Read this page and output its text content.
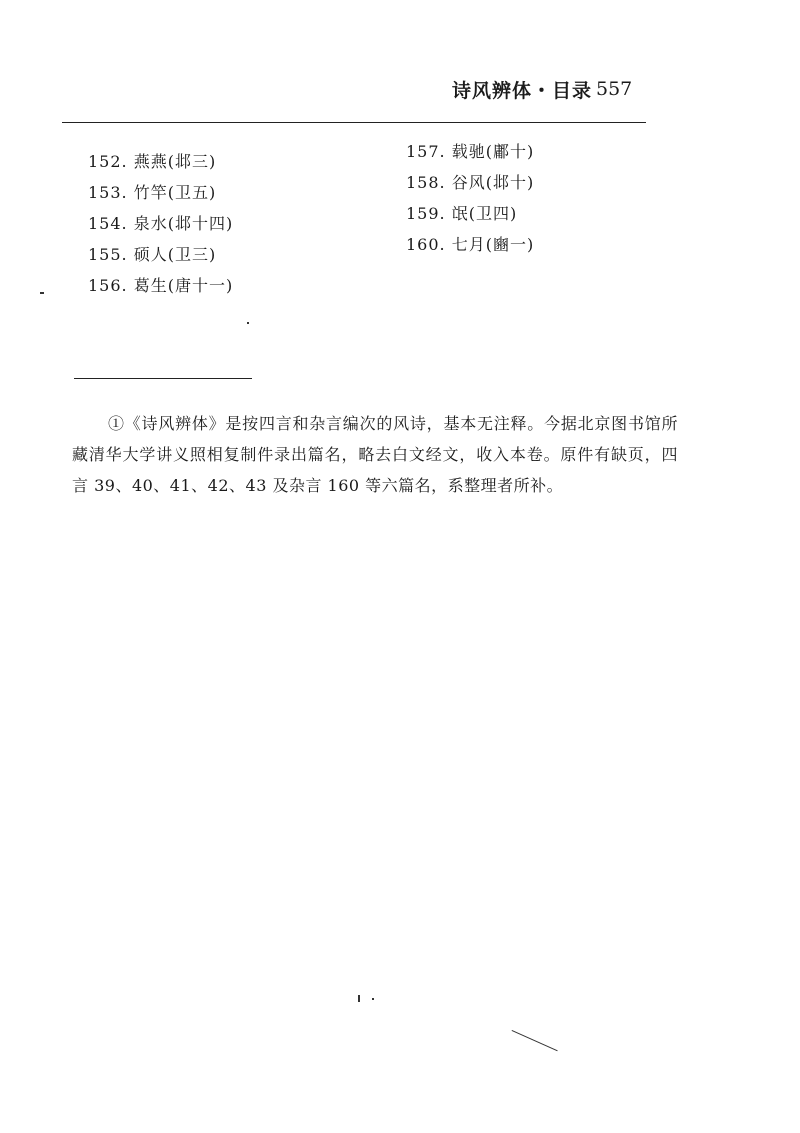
诗风辨体・目录 557
152. 燕燕(邶三)
153. 竹竿(卫五)
154. 泉水(邶十四)
155. 硕人(卫三)
156. 葛生(唐十一)
157. 载驰(鄘十)
158. 谷风(邶十)
159. 氓(卫四)
160. 七月(豳一)

①《诗风辨体》是按四言和杂言编次的风诗，基本无注释。今据北京图书馆所藏清华大学讲义照相复制件录出篇名，略去白文经文，收入本卷。原件有缺页，四言 39、40、41、42、43 及杂言 160 等六篇名，系整理者所补。
